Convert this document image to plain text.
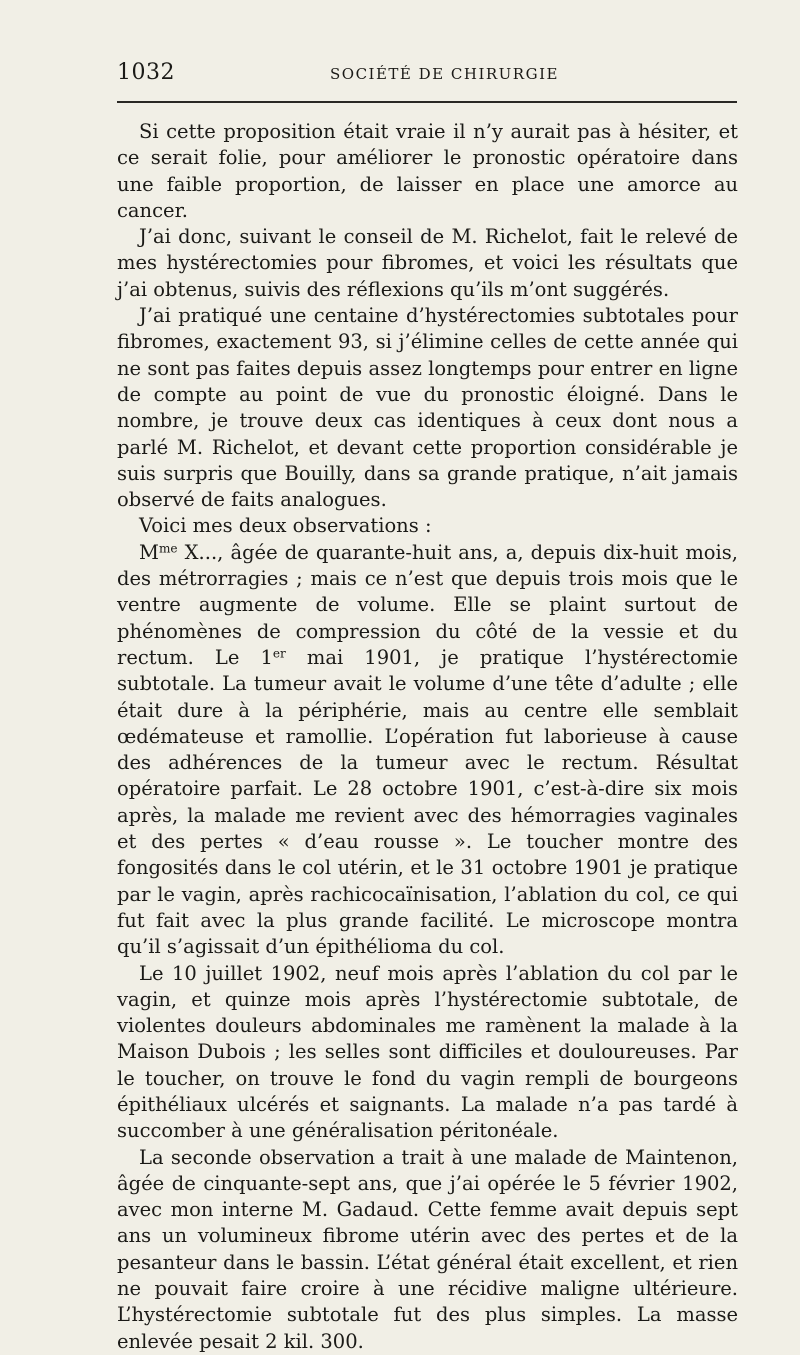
1032	SOCIÉTÉ DE CHIRURGIE

Si cette proposition était vraie il n’y aurait pas à hésiter, et ce serait folie, pour améliorer le pronostic opératoire dans une faible proportion, de laisser en place une amorce au cancer.

J’ai donc, suivant le conseil de M. Richelot, fait le relevé de mes hystérectomies pour fibromes, et voici les résultats que j’ai obtenus, suivis des réflexions qu’ils m’ont suggérés.

J’ai pratiqué une centaine d’hystérectomies subtotales pour fibromes, exactement 93, si j’élimine celles de cette année qui ne sont pas faites depuis assez longtemps pour entrer en ligne de compte au point de vue du pronostic éloigné. Dans le nombre, je trouve deux cas identiques à ceux dont nous a parlé M. Richelot, et devant cette proportion considérable je suis surpris que Bouilly, dans sa grande pratique, n’ait jamais observé de faits analogues.

Voici mes deux observations :

$M^{me}$ X..., âgée de quarante-huit ans, a, depuis dix-huit mois, des métrorragies ; mais ce n’est que depuis trois mois que le ventre augmente de volume. Elle se plaint surtout de phénomènes de compression du côté de la vessie et du rectum. Le 1er mai 1901, je pratique l’hystérectomie subtotale. La tumeur avait le volume d’une tête d’adulte ; elle était dure à la périphérie, mais au centre elle semblait œdémateuse et ramollie. L’opération fut laborieuse à cause des adhérences de la tumeur avec le rectum. Résultat opératoire parfait. Le 28 octobre 1901, c’est-à-dire six mois après, la malade me revient avec des hémorragies vaginales et des pertes « d’eau rousse ». Le toucher montre des fongosités dans le col utérin, et le 31 octobre 1901 je pratique par le vagin, après rachicocaïnisation, l’ablation du col, ce qui fut fait avec la plus grande facilité. Le microscope montra qu’il s’agissait d’un épithélioma du col.

Le 10 juillet 1902, neuf mois après l’ablation du col par le vagin, et quinze mois après l’hystérectomie subtotale, de violentes douleurs abdominales me ramènent la malade à la Maison Dubois ; les selles sont difficiles et douloureuses. Par le toucher, on trouve le fond du vagin rempli de bourgeons épithéliaux ulcérés et saignants. La malade n’a pas tardé à succomber à une généralisation péritonéale.

La seconde observation a trait à une malade de Maintenon, âgée de cinquante-sept ans, que j’ai opérée le 5 février 1902, avec mon interne M. Gadaud. Cette femme avait depuis sept ans un volumineux fibrome utérin avec des pertes et de la pesanteur dans le bassin. L’état général était excellent, et rien ne pouvait faire croire à une récidive maligne ultérieure. L’hystérectomie subtotale fut des plus simples. La masse enlevée pesait 2 kil. 300.
